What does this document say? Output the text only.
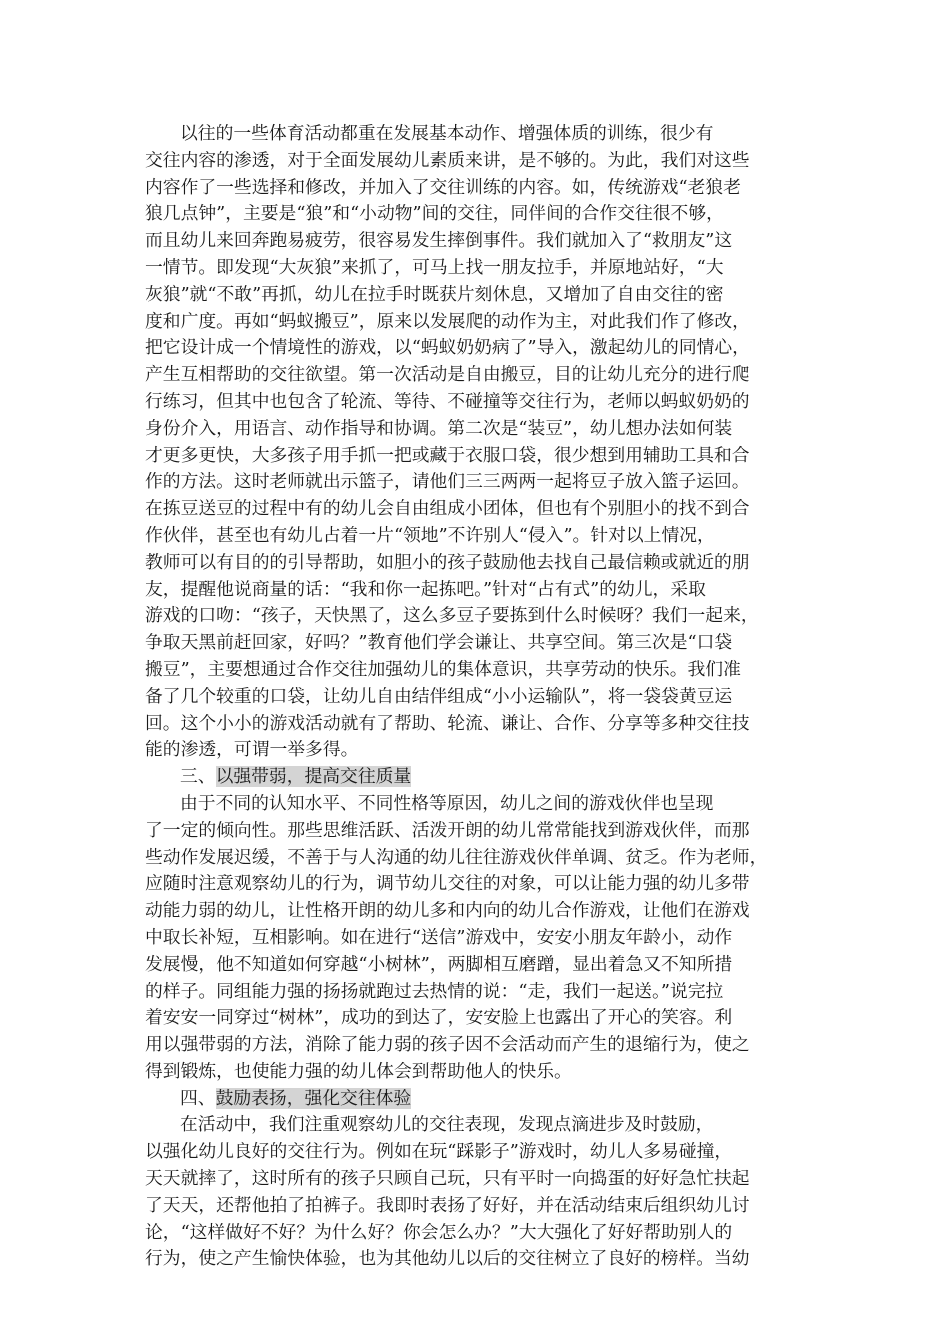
以往的一些体育活动都重在发展基本动作、增强体质的训练，很少有
交往内容的渗透，对于全面发展幼儿素质来讲，是不够的。为此，我们对这些
内容作了一些选择和修改，并加入了交往训练的内容。如，传统游戏“老狼老
狼几点钟”，主要是“狼”和“小动物”间的交往，同伴间的合作交往很不够，
而且幼儿来回奔跑易疲劳，很容易发生摔倒事件。我们就加入了“救朋友”这
一情节。即发现“大灰狼”来抓了，可马上找一朋友拉手，并原地站好，“大
灰狼”就“不敢”再抓，幼儿在拉手时既获片刻休息，又增加了自由交往的密
度和广度。再如“蚂蚁搬豆”，原来以发展爬的动作为主，对此我们作了修改，
把它设计成一个情境性的游戏，以“蚂蚁奶奶病了”导入，激起幼儿的同情心，
产生互相帮助的交往欲望。第一次活动是自由搬豆，目的让幼儿充分的进行爬
行练习，但其中也包含了轮流、等待、不碰撞等交往行为，老师以蚂蚁奶奶的
身份介入，用语言、动作指导和协调。第二次是“装豆”，幼儿想办法如何装
才更多更快，大多孩子用手抓一把或藏于衣服口袋，很少想到用辅助工具和合
作的方法。这时老师就出示篮子，请他们三三两两一起将豆子放入篮子运回。
在拣豆送豆的过程中有的幼儿会自由组成小团体，但也有个别胆小的找不到合
作伙伴，甚至也有幼儿占着一片“领地”不许别人“侵入”。针对以上情况，
教师可以有目的的引导帮助，如胆小的孩子鼓励他去找自己最信赖或就近的朋
友，提醒他说商量的话：“我和你一起拣吧。”针对“占有式”的幼儿，采取
游戏的口吻：“孩子，天快黑了，这么多豆子要拣到什么时候呀？我们一起来，
争取天黑前赶回家，好吗？”教育他们学会谦让、共享空间。第三次是“口袋
搬豆”，主要想通过合作交往加强幼儿的集体意识，共享劳动的快乐。我们准
备了几个较重的口袋，让幼儿自由结伴组成“小小运输队”，将一袋袋黄豆运
回。这个小小的游戏活动就有了帮助、轮流、谦让、合作、分享等多种交往技
能的渗透，可谓一举多得。
三、以强带弱，提高交往质量
由于不同的认知水平、不同性格等原因，幼儿之间的游戏伙伴也呈现
了一定的倾向性。那些思维活跃、活泼开朗的幼儿常常能找到游戏伙伴，而那
些动作发展迟缓，不善于与人沟通的幼儿往往游戏伙伴单调、贫乏。作为老师，
应随时注意观察幼儿的行为，调节幼儿交往的对象，可以让能力强的幼儿多带
动能力弱的幼儿，让性格开朗的幼儿多和内向的幼儿合作游戏，让他们在游戏
中取长补短，互相影响。如在进行“送信”游戏中，安安小朋友年龄小，动作
发展慢，他不知道如何穿越“小树林”，两脚相互磨蹭，显出着急又不知所措
的样子。同组能力强的扬扬就跑过去热情的说：“走，我们一起送。”说完拉
着安安一同穿过“树林”，成功的到达了，安安脸上也露出了开心的笑容。利
用以强带弱的方法，消除了能力弱的孩子因不会活动而产生的退缩行为，使之
得到锻炼，也使能力强的幼儿体会到帮助他人的快乐。
四、鼓励表扬，强化交往体验
在活动中，我们注重观察幼儿的交往表现，发现点滴进步及时鼓励，
以强化幼儿良好的交往行为。例如在玩“踩影子”游戏时，幼儿人多易碰撞，
天天就摔了，这时所有的孩子只顾自己玩，只有平时一向捣蛋的好好急忙扶起
了天天，还帮他拍了拍裤子。我即时表扬了好好，并在活动结束后组织幼儿讨
论，“这样做好不好？为什么好？你会怎么办？”大大强化了好好帮助别人的
行为，使之产生愉快体验，也为其他幼儿以后的交往树立了良好的榜样。当幼
